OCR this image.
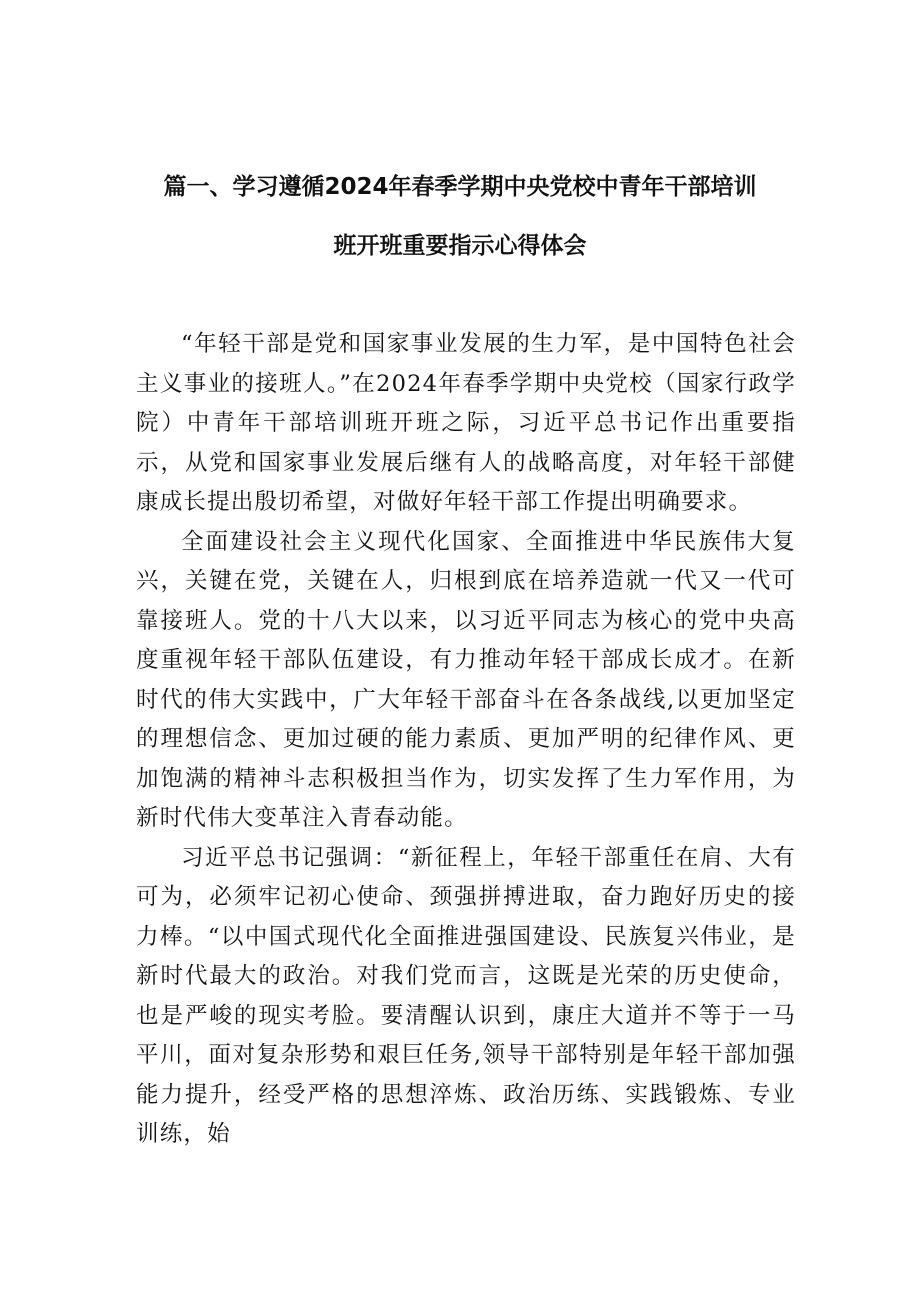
篇一、学习遵循2024年春季学期中央党校中青年干部培训
班开班重要指示心得体会

“年轻干部是党和国家事业发展的生力军，是中国特色社会主义事业的接班人。”在2024年春季学期中央党校（国家行政学院）中青年干部培训班开班之际，习近平总书记作出重要指示，从党和国家事业发展后继有人的战略高度，对年轻干部健康成长提出殷切希望，对做好年轻干部工作提出明确要求。

全面建设社会主义现代化国家、全面推进中华民族伟大复兴，关键在党，关键在人，归根到底在培养造就一代又一代可靠接班人。党的十八大以来，以习近平同志为核心的党中央高度重视年轻干部队伍建设，有力推动年轻干部成长成才。在新时代的伟大实践中，广大年轻干部奋斗在各条战线,以更加坚定的理想信念、更加过硬的能力素质、更加严明的纪律作风、更加饱满的精神斗志积极担当作为，切实发挥了生力军作用，为新时代伟大变革注入青春动能。

习近平总书记强调：“新征程上，年轻干部重任在肩、大有可为，必须牢记初心使命、颈强拼搏进取，奋力跑好历史的接力棒。“以中国式现代化全面推进强国建设、民族复兴伟业，是新时代最大的政治。对我们党而言，这既是光荣的历史使命，也是严峻的现实考脸。要清醒认识到，康庄大道并不等于一马平川，面对复杂形势和艰巨任务,领导干部特别是年轻干部加强能力提升，经受严格的思想淬炼、政治历练、实践锻炼、专业训练，始
